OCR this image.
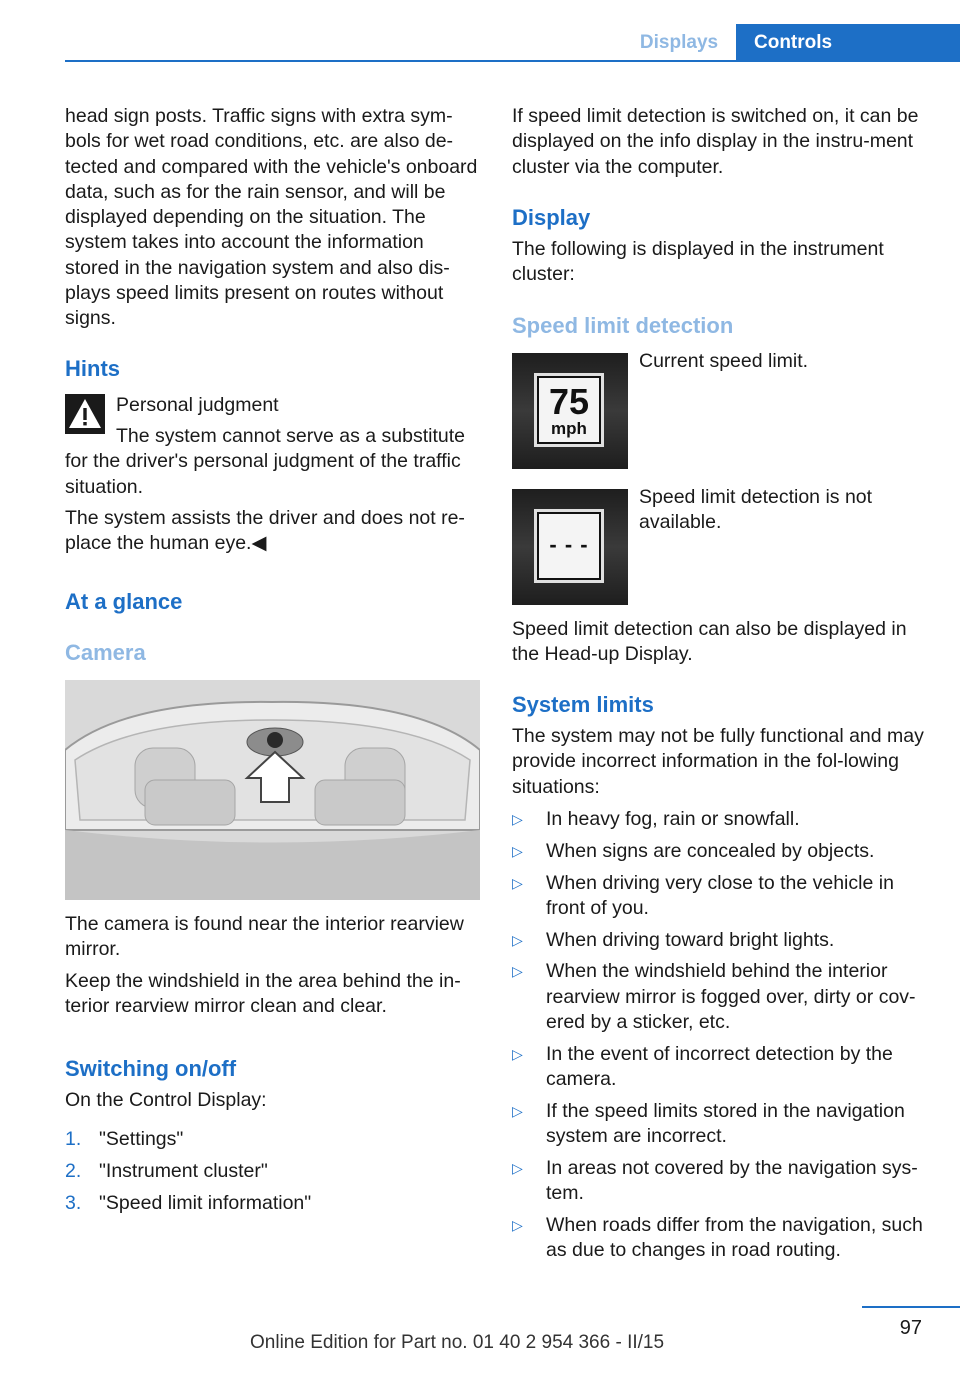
Displays	Controls

head sign posts. Traffic signs with extra sym-bols for wet road conditions, etc. are also de-tected and compared with the vehicle's onboard data, such as for the rain sensor, and will be displayed depending on the situation. The system takes into account the information stored in the navigation system and also dis-plays speed limits present on routes without signs.

Hints

Personal judgment

The system cannot serve as a substitute for the driver's personal judgment of the traffic situation.

The system assists the driver and does not re-place the human eye.◀

At a glance
Camera

The camera is found near the interior rearview mirror.

Keep the windshield in the area behind the in-terior rearview mirror clean and clear.

Switching on/off

On the Control Display:

1. "Settings"
2. "Instrument cluster"
3. "Speed limit information"

If speed limit detection is switched on, it can be displayed on the info display in the instru-ment cluster via the computer.

Display

The following is displayed in the instrument cluster:

Speed limit detection
75
mph

Current speed limit.

- - -

Speed limit detection is not available.

Speed limit detection can also be displayed in the Head-up Display.

System limits

The system may not be fully functional and may provide incorrect information in the fol-lowing situations:

▷	In heavy fog, rain or snowfall.
▷	When signs are concealed by objects.
▷	When driving very close to the vehicle in front of you.
▷	When driving toward bright lights.
▷	When the windshield behind the interior rearview mirror is fogged over, dirty or cov-ered by a sticker, etc.
▷	In the event of incorrect detection by the camera.
▷	If the speed limits stored in the navigation system are incorrect.
▷	In areas not covered by the navigation sys-tem.
▷	When roads differ from the navigation, such as due to changes in road routing.
97
Online Edition for Part no. 01 40 2 954 366 - II/15
